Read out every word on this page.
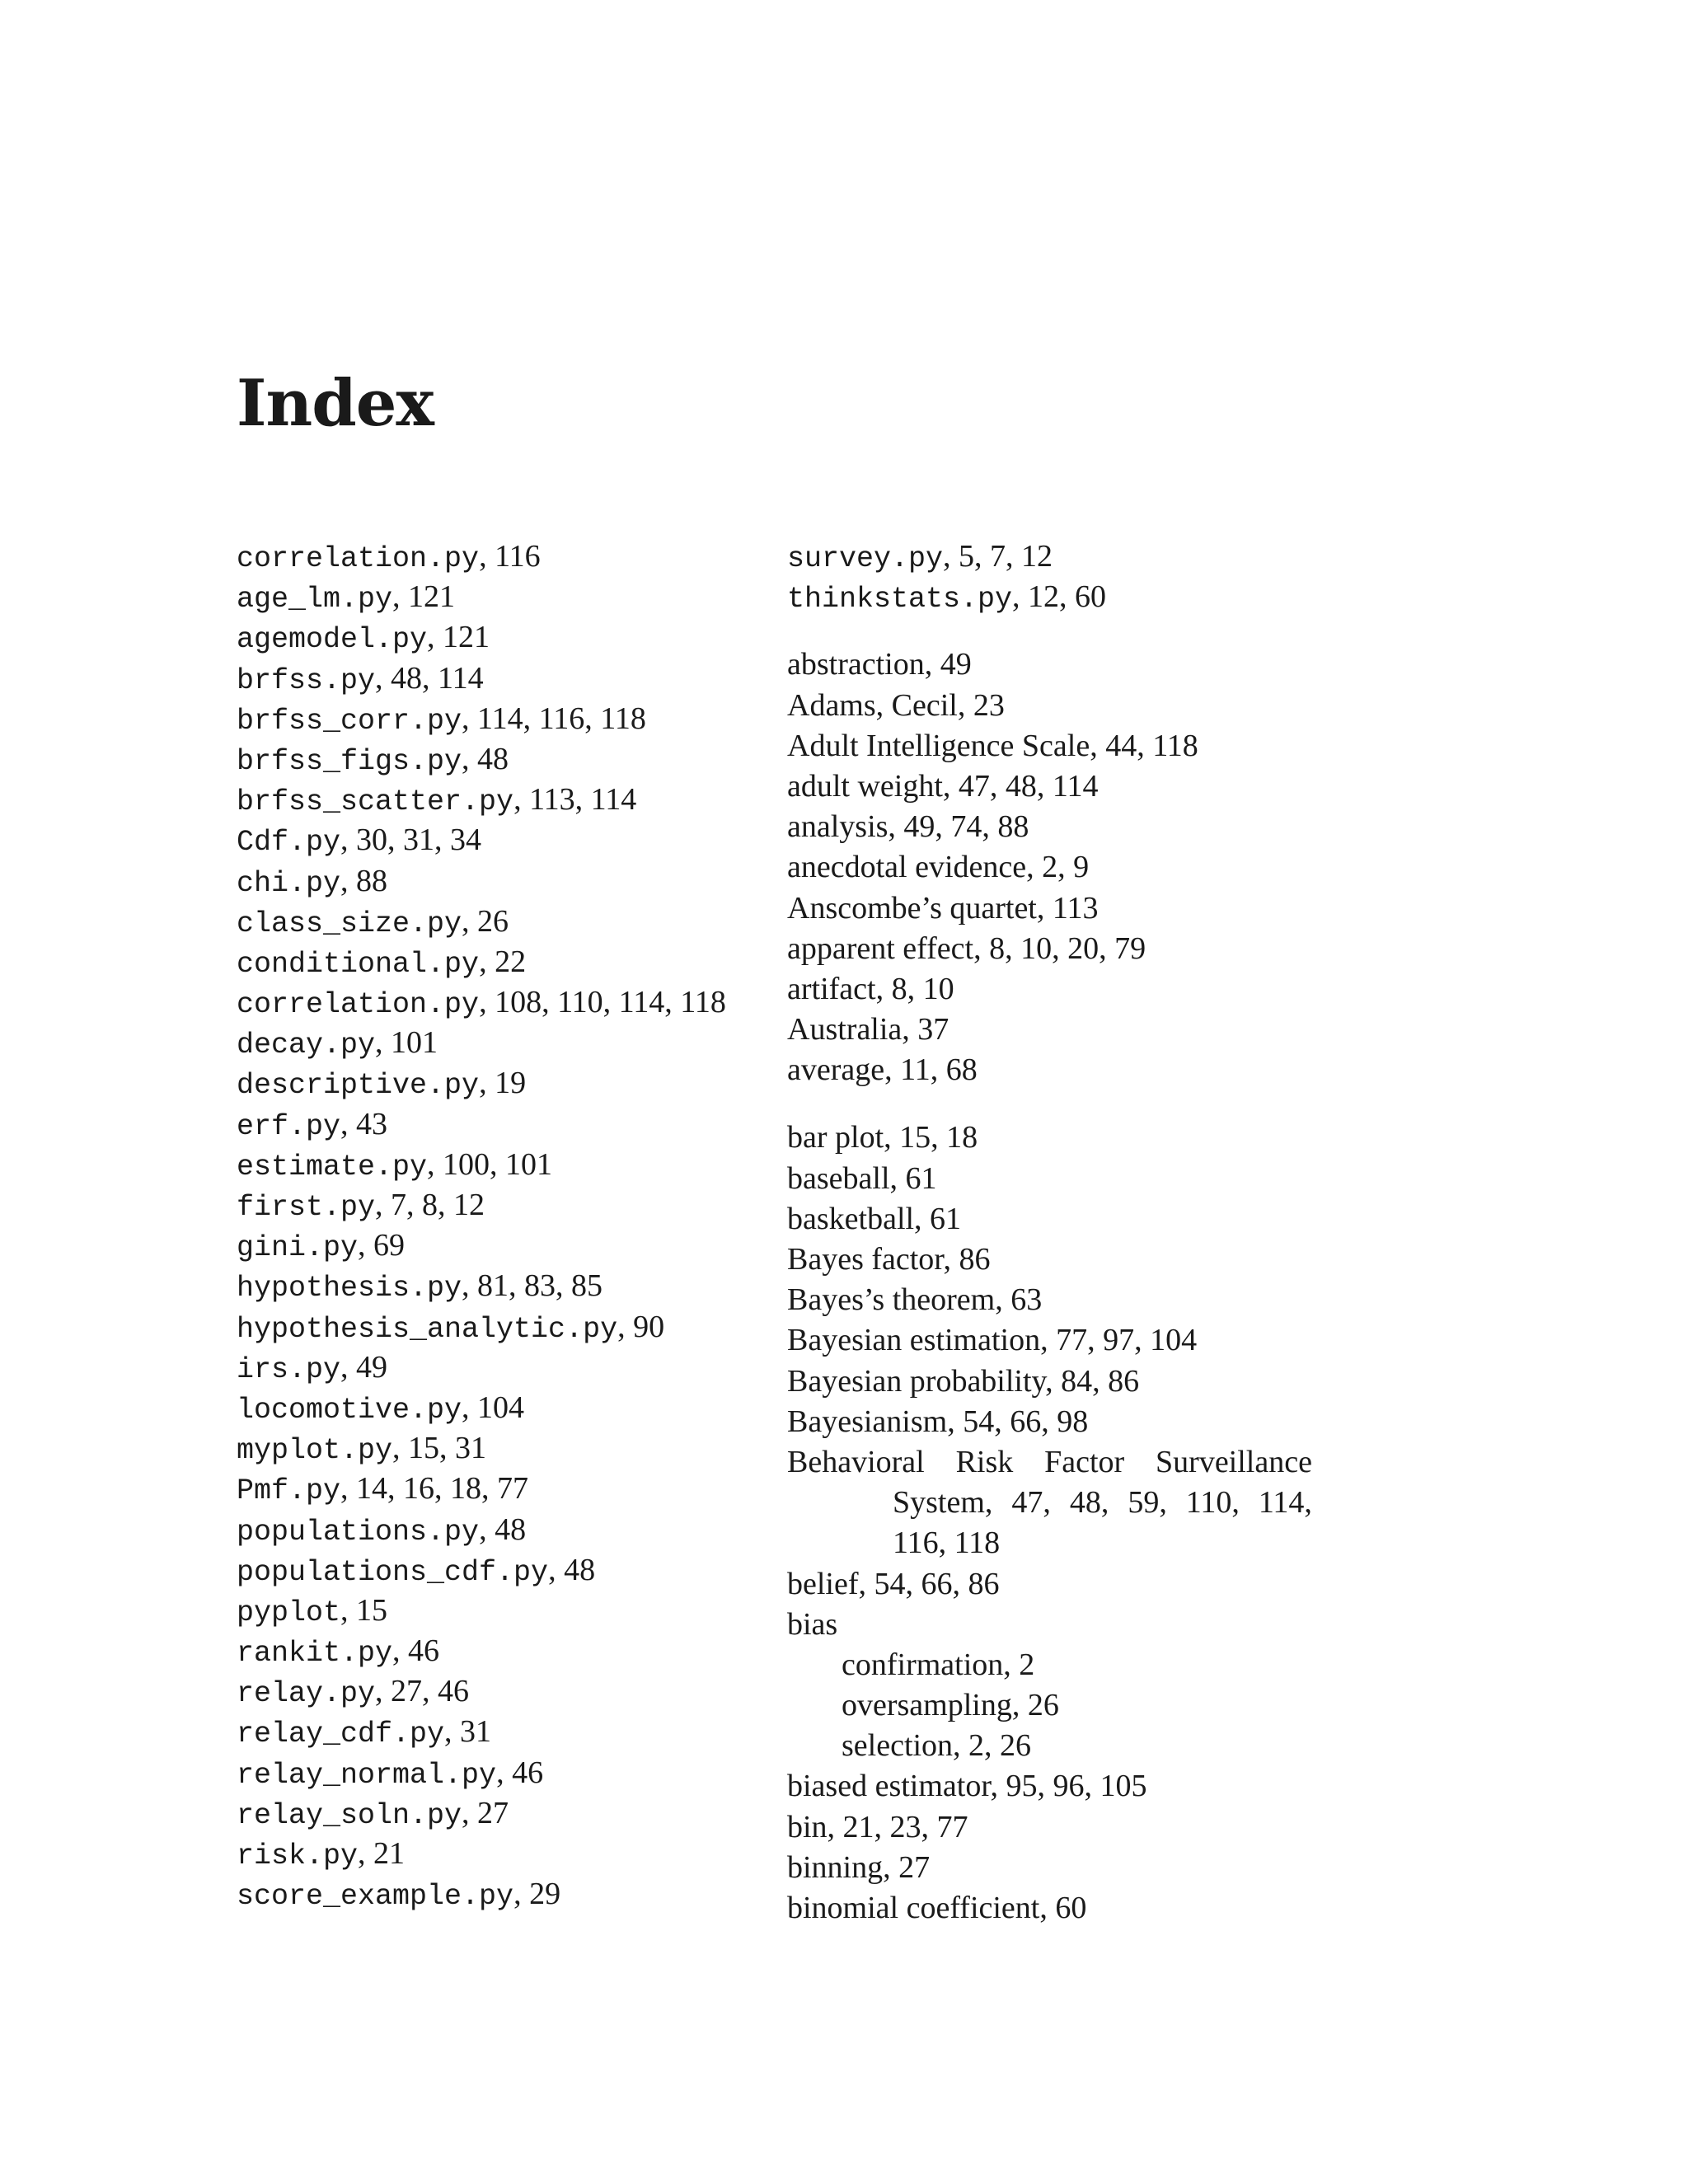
Index
correlation.py, 116
age_lm.py, 121
agemodel.py, 121
brfss.py, 48, 114
brfss_corr.py, 114, 116, 118
brfss_figs.py, 48
brfss_scatter.py, 113, 114
Cdf.py, 30, 31, 34
chi.py, 88
class_size.py, 26
conditional.py, 22
correlation.py, 108, 110, 114, 118
decay.py, 101
descriptive.py, 19
erf.py, 43
estimate.py, 100, 101
first.py, 7, 8, 12
gini.py, 69
hypothesis.py, 81, 83, 85
hypothesis_analytic.py, 90
irs.py, 49
locomotive.py, 104
myplot.py, 15, 31
Pmf.py, 14, 16, 18, 77
populations.py, 48
populations_cdf.py, 48
pyplot, 15
rankit.py, 46
relay.py, 27, 46
relay_cdf.py, 31
relay_normal.py, 46
relay_soln.py, 27
risk.py, 21
score_example.py, 29
survey.py, 5, 7, 12
thinkstats.py, 12, 60
abstraction, 49
Adams, Cecil, 23
Adult Intelligence Scale, 44, 118
adult weight, 47, 48, 114
analysis, 49, 74, 88
anecdotal evidence, 2, 9
Anscombe’s quartet, 113
apparent effect, 8, 10, 20, 79
artifact, 8, 10
Australia, 37
average, 11, 68
bar plot, 15, 18
baseball, 61
basketball, 61
Bayes factor, 86
Bayes’s theorem, 63
Bayesian estimation, 77, 97, 104
Bayesian probability, 84, 86
Bayesianism, 54, 66, 98
Behavioral Risk Factor Surveillance
System, 47, 48, 59, 110, 114,
116, 118
belief, 54, 66, 86
bias
confirmation, 2
oversampling, 26
selection, 2, 26
biased estimator, 95, 96, 105
bin, 21, 23, 77
binning, 27
binomial coefficient, 60
